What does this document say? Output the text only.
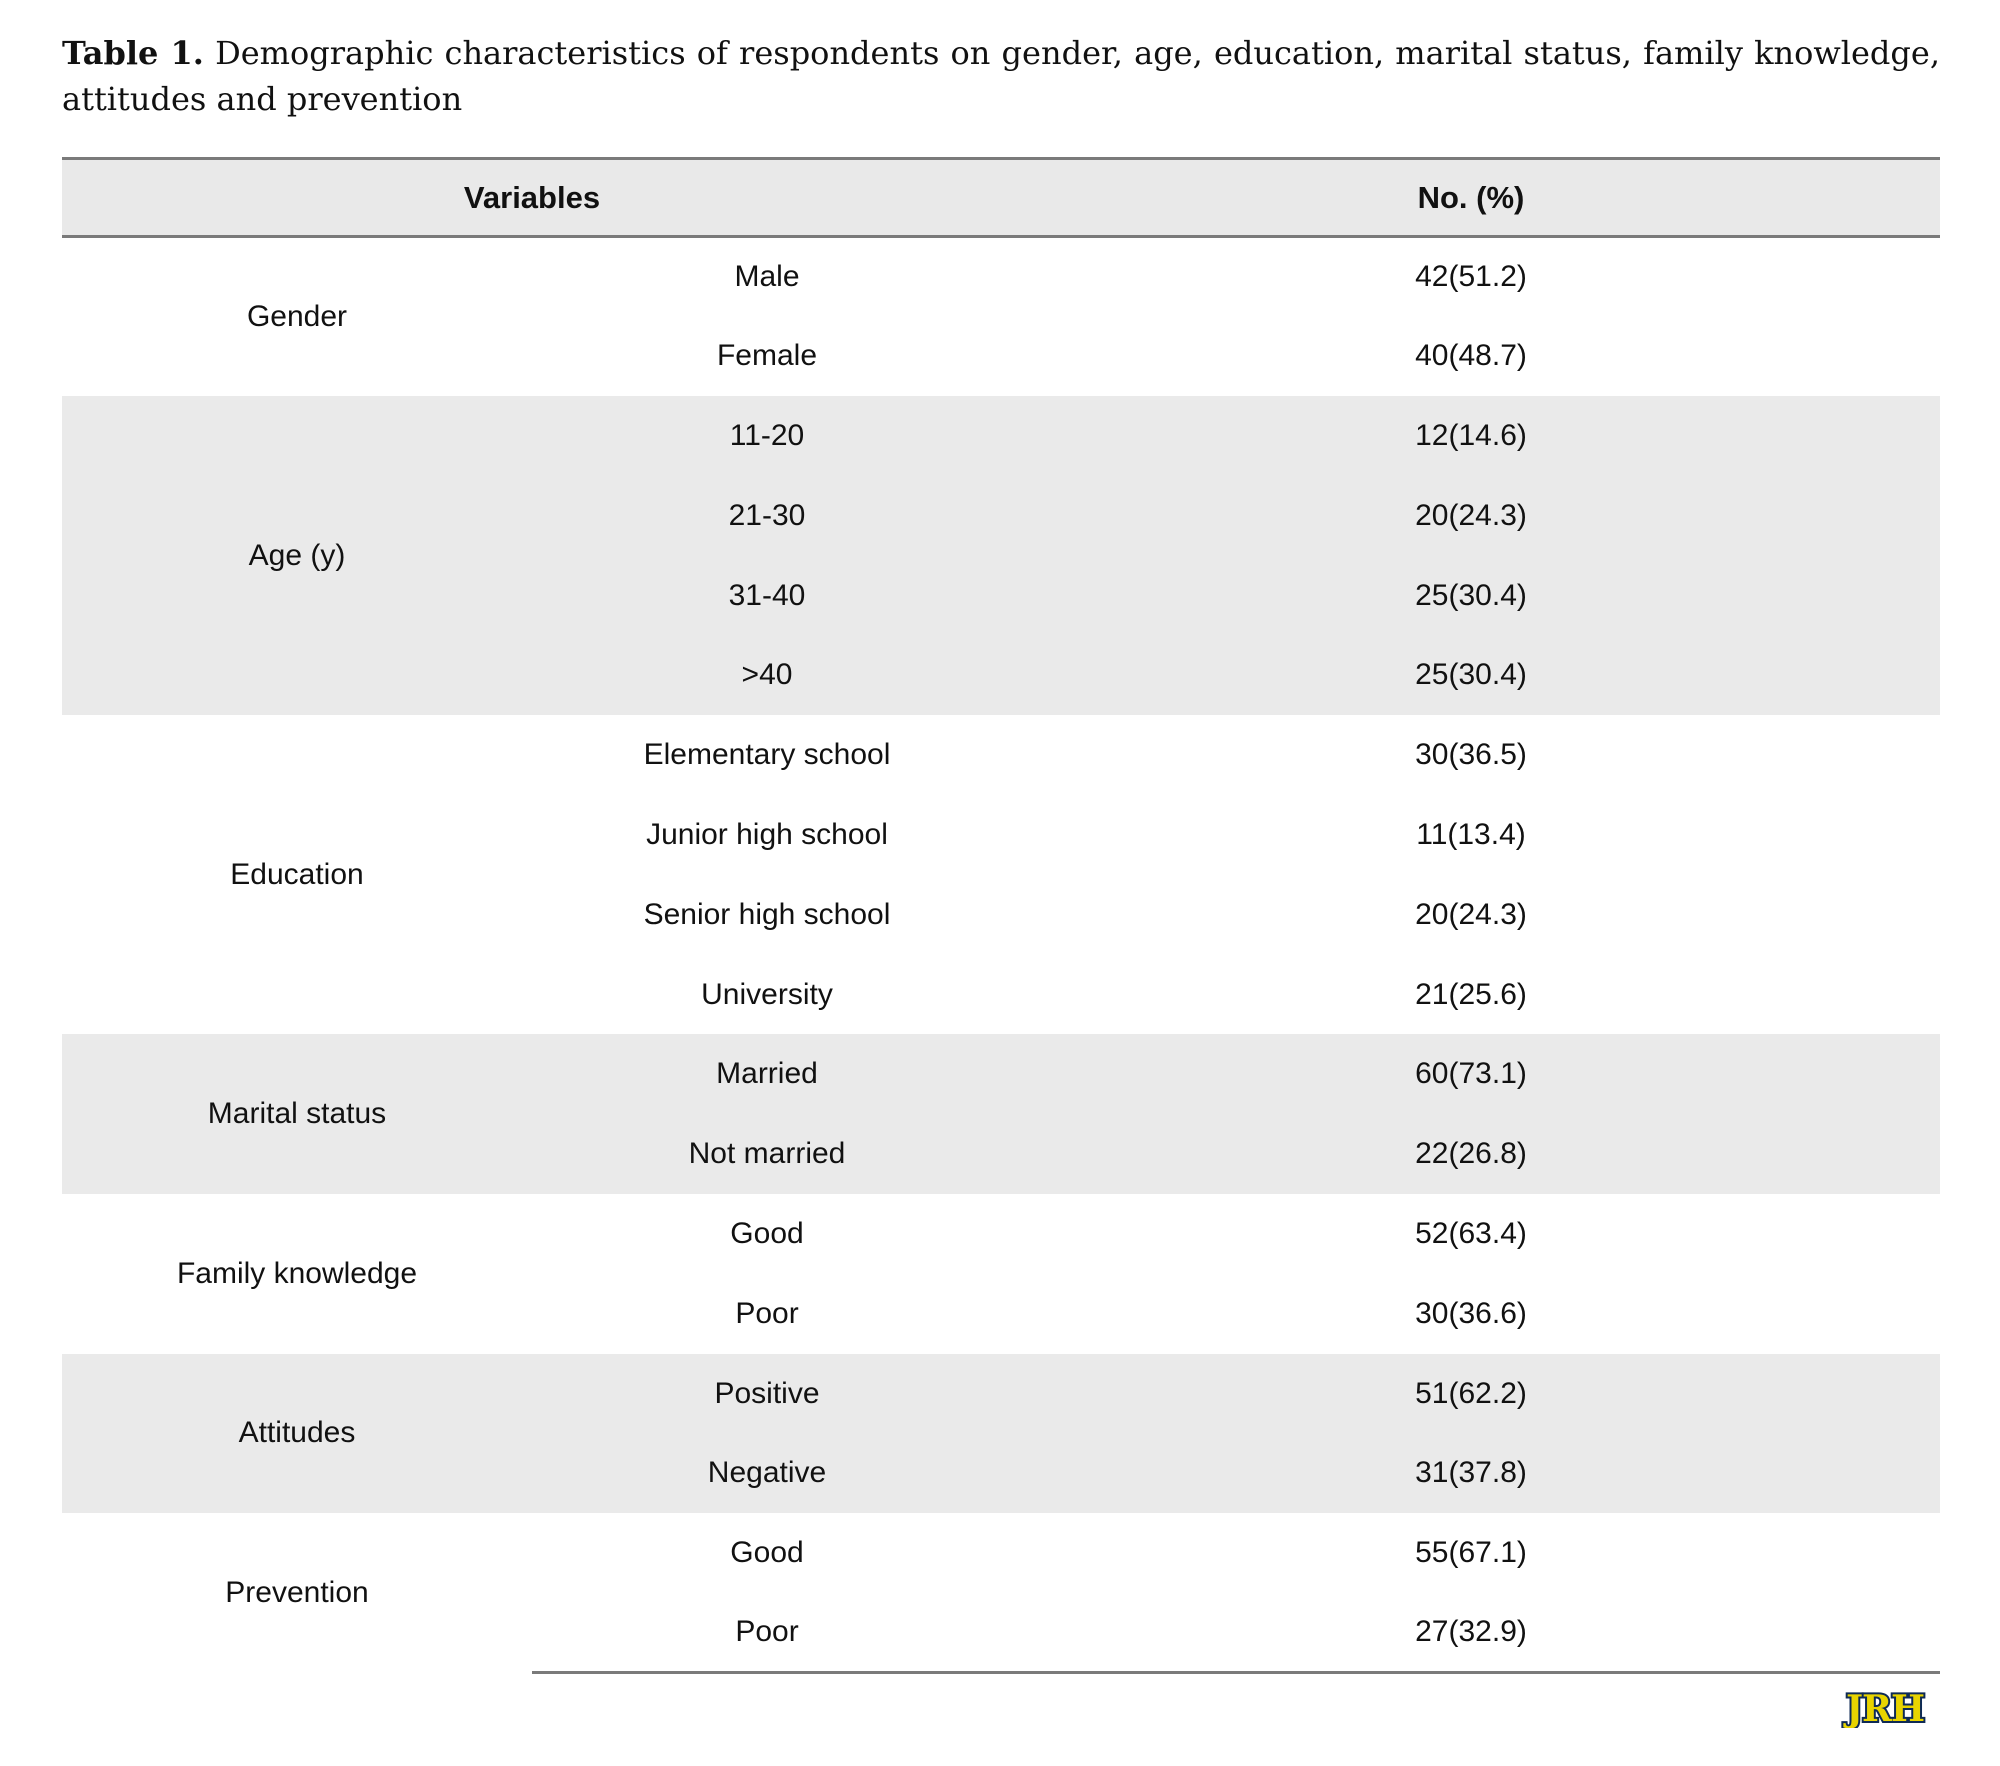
Table 1. Demographic characteristics of respondents on gender, age, education, marital status, family knowledge, attitudes and prevention
Variables		No. (%)

Gender	Male	42(51.2)
	Female	40(48.7)
Age (y)	11-20	12(14.6)
	21-30	20(24.3)
	31-40	25(30.4)
	>40	25(30.4)
Education	Elementary school	30(36.5)
	Junior high school	11(13.4)
	Senior high school	20(24.3)
	University	21(25.6)
Marital status	Married	60(73.1)
	Not married	22(26.8)
Family knowledge	Good	52(63.4)
	Poor	30(36.6)
Attitudes	Positive	51(62.2)
	Negative	31(37.8)
Prevention	Good	55(67.1)
	Poor	27(32.9)
JRH
